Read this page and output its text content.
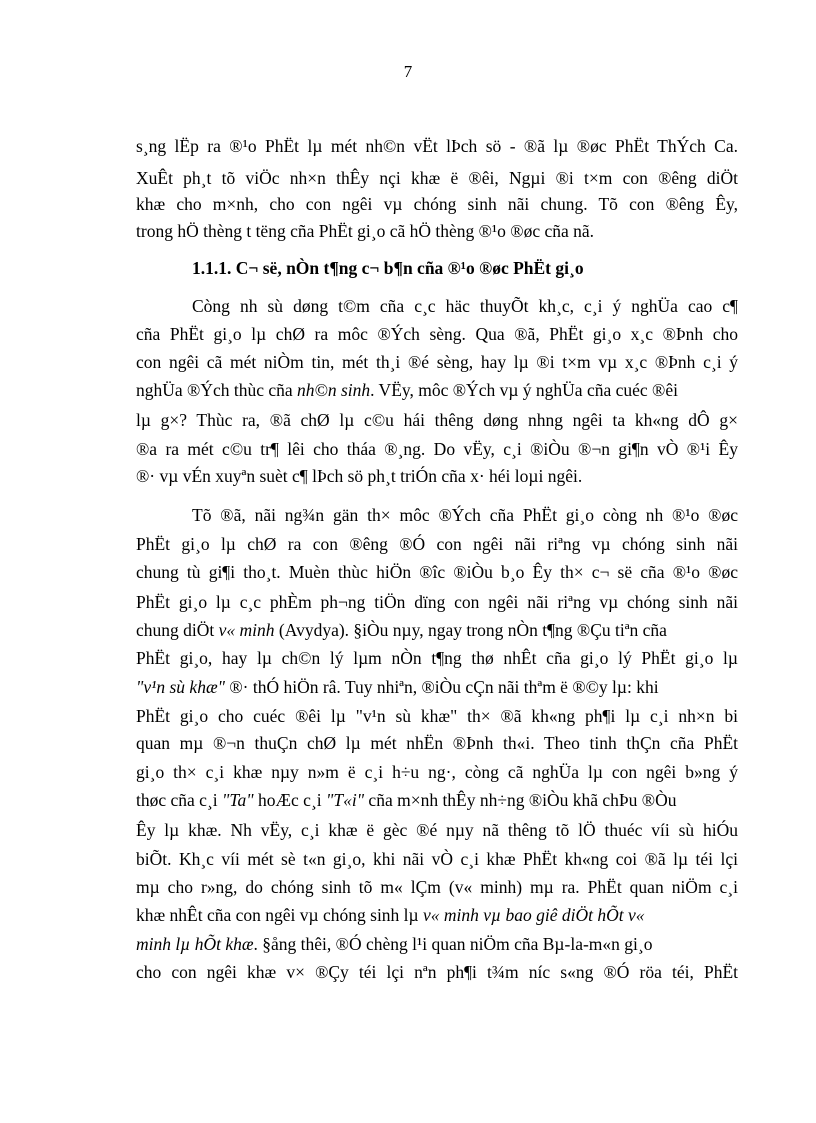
7
s¸ng lËp ra ®¹o PhËt lµ mét nh©n vËt lÞch sö - ®ã lµ ®øc PhËt ThÝch Ca.
XuÊt ph¸t tõ viÖc nh×n thÊy nçi khæ ë ®êi, Ngµi ®i t×m con ®êng diÖt
khæ cho m×nh, cho con ngêi vµ chóng sinh nãi chung. Tõ con ®êng Êy,
trong hÖ thèng t tëng cña PhËt gi¸o cã hÖ thèng ®¹o ®øc cña nã.
1.1.1. C¬ së, nÒn t¶ng c¬ b¶n cña ®¹o ®øc PhËt gi¸o
Còng nh sù døng t©m cña c¸c häc thuyÕt kh¸c, c¸i ý nghÜa cao c¶
cña PhËt gi¸o lµ chØ ra môc ®Ých sèng. Qua ®ã, PhËt gi¸o x¸c ®Þnh cho
con ngêi cã mét niÒm tin, mét th¸i ®é sèng, hay lµ ®i t×m vµ x¸c ®Þnh c¸i ý
nghÜa ®Ých thùc cña nh©n sinh. VËy, môc ®Ých vµ ý nghÜa cña cuéc ®êi
lµ g×? Thùc ra, ®ã chØ lµ c©u hái thêng døng nhng ngêi ta kh«ng dÔ g×
®a ra mét c©u tr¶ lêi cho tháa ®¸ng. Do vËy, c¸i ®iÒu ®¬n gi¶n vÒ ®¹i Êy
®· vµ vÉn xuyªn suèt c¶ lÞch sö ph¸t triÓn cña x· héi loµi ngêi.
Tõ ®ã, nãi ng¾n gän th× môc ®Ých cña PhËt gi¸o còng nh ®¹o ®øc
PhËt gi¸o lµ chØ ra con ®êng ®Ó con ngêi nãi riªng vµ chóng sinh nãi
chung tù gi¶i tho¸t. Muèn thùc hiÖn ®îc ®iÒu b¸o Êy th× c¬ së cña ®¹o ®øc
PhËt gi¸o lµ c¸c phÈm ph¬ng tiÖn dïng con ngêi nãi riªng vµ chóng sinh nãi
chung diÖt v« minh (Avydya). §iÒu nµy, ngay trong nÒn t¶ng ®Çu tiªn cña
PhËt gi¸o, hay lµ ch©n lý lµm nÒn t¶ng thø nhÊt cña gi¸o lý PhËt gi¸o lµ
"v¹n sù khæ" ®· thÓ hiÖn râ. Tuy nhiªn, ®iÒu cÇn nãi thªm ë ®©y lµ: khi
PhËt gi¸o cho cuéc ®êi lµ "v¹n sù khæ" th× ®ã kh«ng ph¶i lµ c¸i nh×n bi
quan mµ ®¬n thuÇn chØ lµ mét nhËn ®Þnh th«i. Theo tinh thÇn cña PhËt
gi¸o th× c¸i khæ nµy n»m ë c¸i h÷u ng·, còng cã nghÜa lµ con ngêi b»ng ý
thøc cña c¸i "Ta" hoÆc c¸i "T«i" cña m×nh thÊy nh÷ng ®iÒu khã chÞu ®Òu
Êy lµ khæ. Nh vËy, c¸i khæ ë gèc ®é nµy nã thêng tõ lÖ thuéc víi sù hiÓu
biÕt. Kh¸c víi mét sè t«n gi¸o, khi nãi vÒ c¸i khæ PhËt kh«ng coi ®ã lµ téi lçi
mµ cho r»ng, do chóng sinh tõ m« lÇm (v« minh) mµ ra. PhËt quan niÖm c¸i
khæ nhÊt cña con ngêi vµ chóng sinh lµ v« minh vµ bao giê diÖt hÕt v«
minh lµ hÕt khæ. §ång thêi, ®Ó chèng l¹i quan niÖm cña Bµ-la-m«n gi¸o
cho con ngêi khæ v× ®Çy téi lçi nªn ph¶i t¾m níc s«ng ®Ó röa téi, PhËt
